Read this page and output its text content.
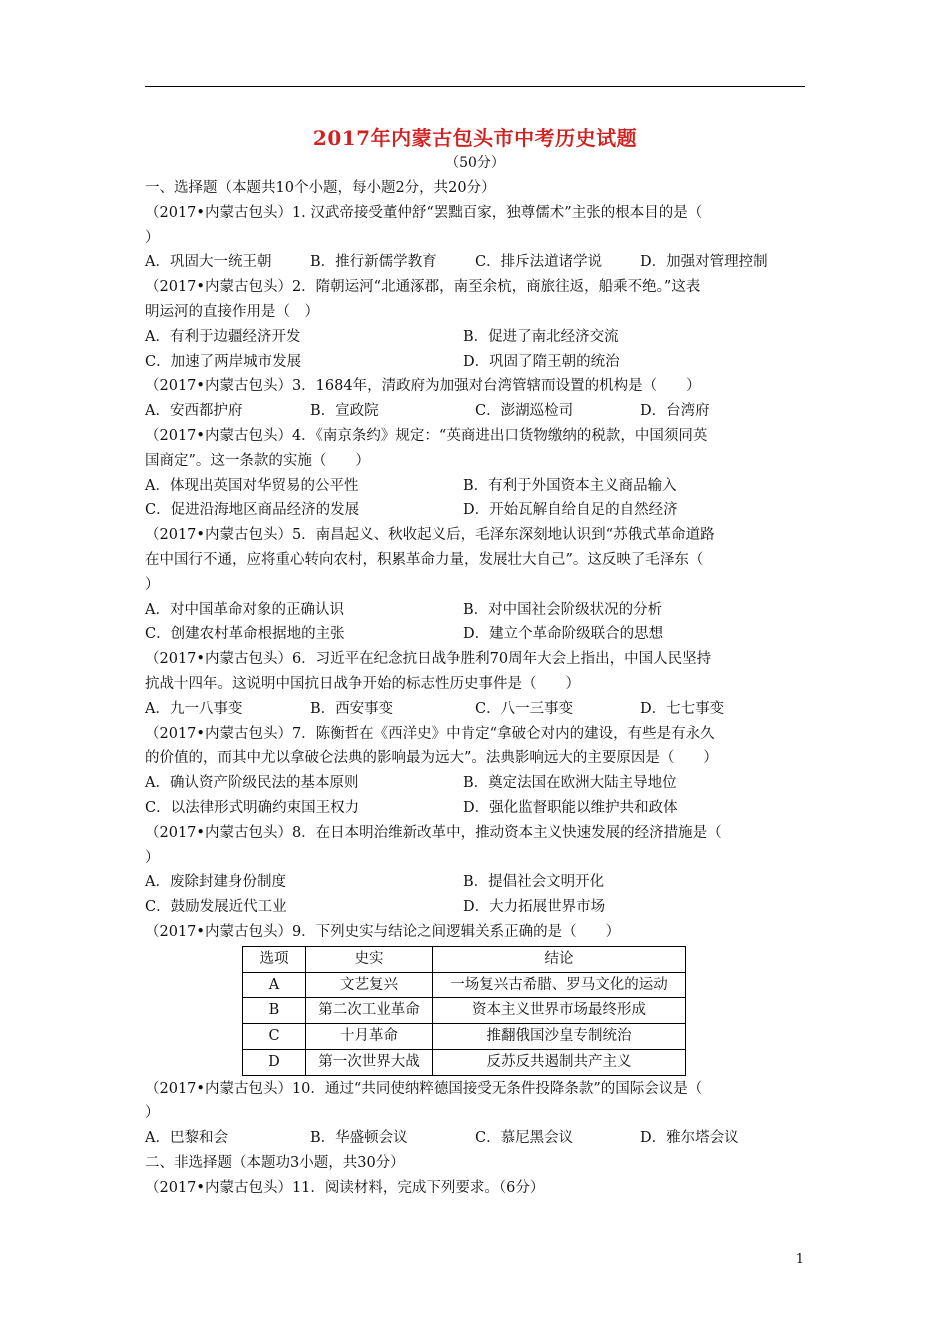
2017年内蒙古包头市中考历史试题
（50分）
一、选择题（本题共10个小题，每小题2分，共20分）
（2017•内蒙古包头）1. 汉武帝接受董仲舒“罢黜百家，独尊儒术”主张的根本目的是（
）
A．巩固大一统王朝	B．推行新儒学教育	C．排斥法道诸学说	D．加强对管理控制
（2017•内蒙古包头）2．隋朝运河“北通涿郡，南至余杭，商旅往返，船乘不绝。”这表
明运河的直接作用是（　）
A．有利于边疆经济开发	B．促进了南北经济交流
C．加速了两岸城市发展	D．巩固了隋王朝的统治
（2017•内蒙古包头）3．1684年，清政府为加强对台湾管辖而设置的机构是（　　）
A．安西都护府	B．宣政院	C．澎湖巡检司	D．台湾府
（2017•内蒙古包头）4．《南京条约》规定：“英商进出口货物缴纳的税款，中国须同英
国商定”。这一条款的实施（　　）
A．体现出英国对华贸易的公平性	B．有利于外国资本主义商品输入
C．促进沿海地区商品经济的发展	D．开始瓦解自给自足的自然经济
（2017•内蒙古包头）5．南昌起义、秋收起义后，毛泽东深刻地认识到“苏俄式革命道路
在中国行不通，应将重心转向农村，积累革命力量，发展壮大自己”。这反映了毛泽东（
）
A．对中国革命对象的正确认识	B．对中国社会阶级状况的分析
C．创建农村革命根据地的主张	D．建立个革命阶级联合的思想
（2017•内蒙古包头）6．习近平在纪念抗日战争胜利70周年大会上指出，中国人民坚持
抗战十四年。这说明中国抗日战争开始的标志性历史事件是（　　）
A．九一八事变	B．西安事变	C．八一三事变	D．七七事变
（2017•内蒙古包头）7．陈衡哲在《西洋史》中肯定“拿破仑对内的建设，有些是有永久
的价值的，而其中尤以拿破仑法典的影响最为远大”。法典影响远大的主要原因是（　　）
A．确认资产阶级民法的基本原则	B．奠定法国在欧洲大陆主导地位
C．以法律形式明确约束国王权力	D．强化监督职能以维护共和政体
（2017•内蒙古包头）8．在日本明治维新改革中，推动资本主义快速发展的经济措施是（
）
A．废除封建身份制度	B．提倡社会文明开化
C．鼓励发展近代工业	D．大力拓展世界市场
（2017•内蒙古包头）9．下列史实与结论之间逻辑关系正确的是（　　）
选项	史实	结论
A	文艺复兴	一场复兴古希腊、罗马文化的运动
B	第二次工业革命	资本主义世界市场最终形成
C	十月革命	推翻俄国沙皇专制统治
D	第一次世界大战	反苏反共遏制共产主义
（2017•内蒙古包头）10．通过“共同使纳粹德国接受无条件投降条款”的国际会议是（
）
A．巴黎和会	B．华盛顿会议	C．慕尼黑会议	D．雅尔塔会议
二、非选择题（本题功3小题，共30分）
（2017•内蒙古包头）11．阅读材料，完成下列要求。（6分）
1
